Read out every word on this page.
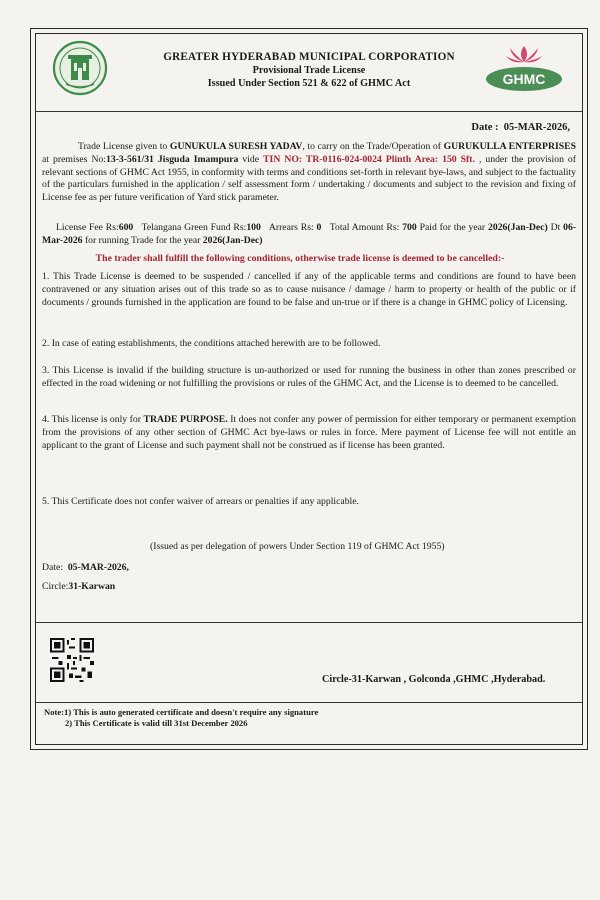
GREATER HYDERABAD MUNICIPAL CORPORATION

Provisional Trade License

Issued Under Section 521 & 622 of GHMC Act	GHMC
Date : 05-MAR-2026,
Trade License given to GUNUKULA SURESH YADAV, to carry on the Trade/Operation of GURUKULLA ENTERPRISES at premises No:13-3-561/31 Jisguda Imampura vide TIN NO: TR-0116-024-0024 Plinth Area: 150 Sft. , under the provision of relevant sections of GHMC Act 1955, in conformity with terms and conditions set-forth in relevant bye-laws, and subject to the factuality of the particulars furnished in the application / self assessment form / undertaking / documents and subject to the revision and fixing of License fee as per future verification of Yard stick parameter.
License Fee Rs:600 Telangana Green Fund Rs:100 Arrears Rs: 0 Total Amount Rs: 700 Paid for the year 2026(Jan-Dec) Dt 06-Mar-2026 for running Trade for the year 2026(Jan-Dec)
The trader shall fulfill the following conditions, otherwise trade license is deemed to be cancelled:-
1. This Trade License is deemed to be suspended / cancelled if any of the applicable terms and conditions are found to have been contravened or any situation arises out of this trade so as to cause nuisance / damage / harm to property or health of the public or if documents / grounds furnished in the application are found to be false and un-true or if there is a change in GHMC policy of Licensing.
2. In case of eating establishments, the conditions attached herewith are to be followed.
3. This License is invalid if the building structure is un-authorized or used for running the business in other than zones prescribed or effected in the road widening or not fulfilling the provisions or rules of the GHMC Act, and the License is to deemed to be cancelled.
4. This license is only for TRADE PURPOSE. It does not confer any power of permission for either temporary or permanent exemption from the provisions of any other section of GHMC Act bye-laws or rules in force. Mere payment of License fee will not entitle an applicant to the grant of License and such payment shall not be construed as if license has been granted.
5. This Certificate does not confer waiver of arrears or penalties if any applicable.
(Issued as per delegation of powers Under Section 119 of GHMC Act 1955)
Date: 05-MAR-2026,
Circle:31-Karwan
Circle-31-Karwan , Golconda ,GHMC ,Hyderabad.
Note:1) This is auto generated certificate and doesn't require any signature
2) This Certificate is valid till 31st December 2026
